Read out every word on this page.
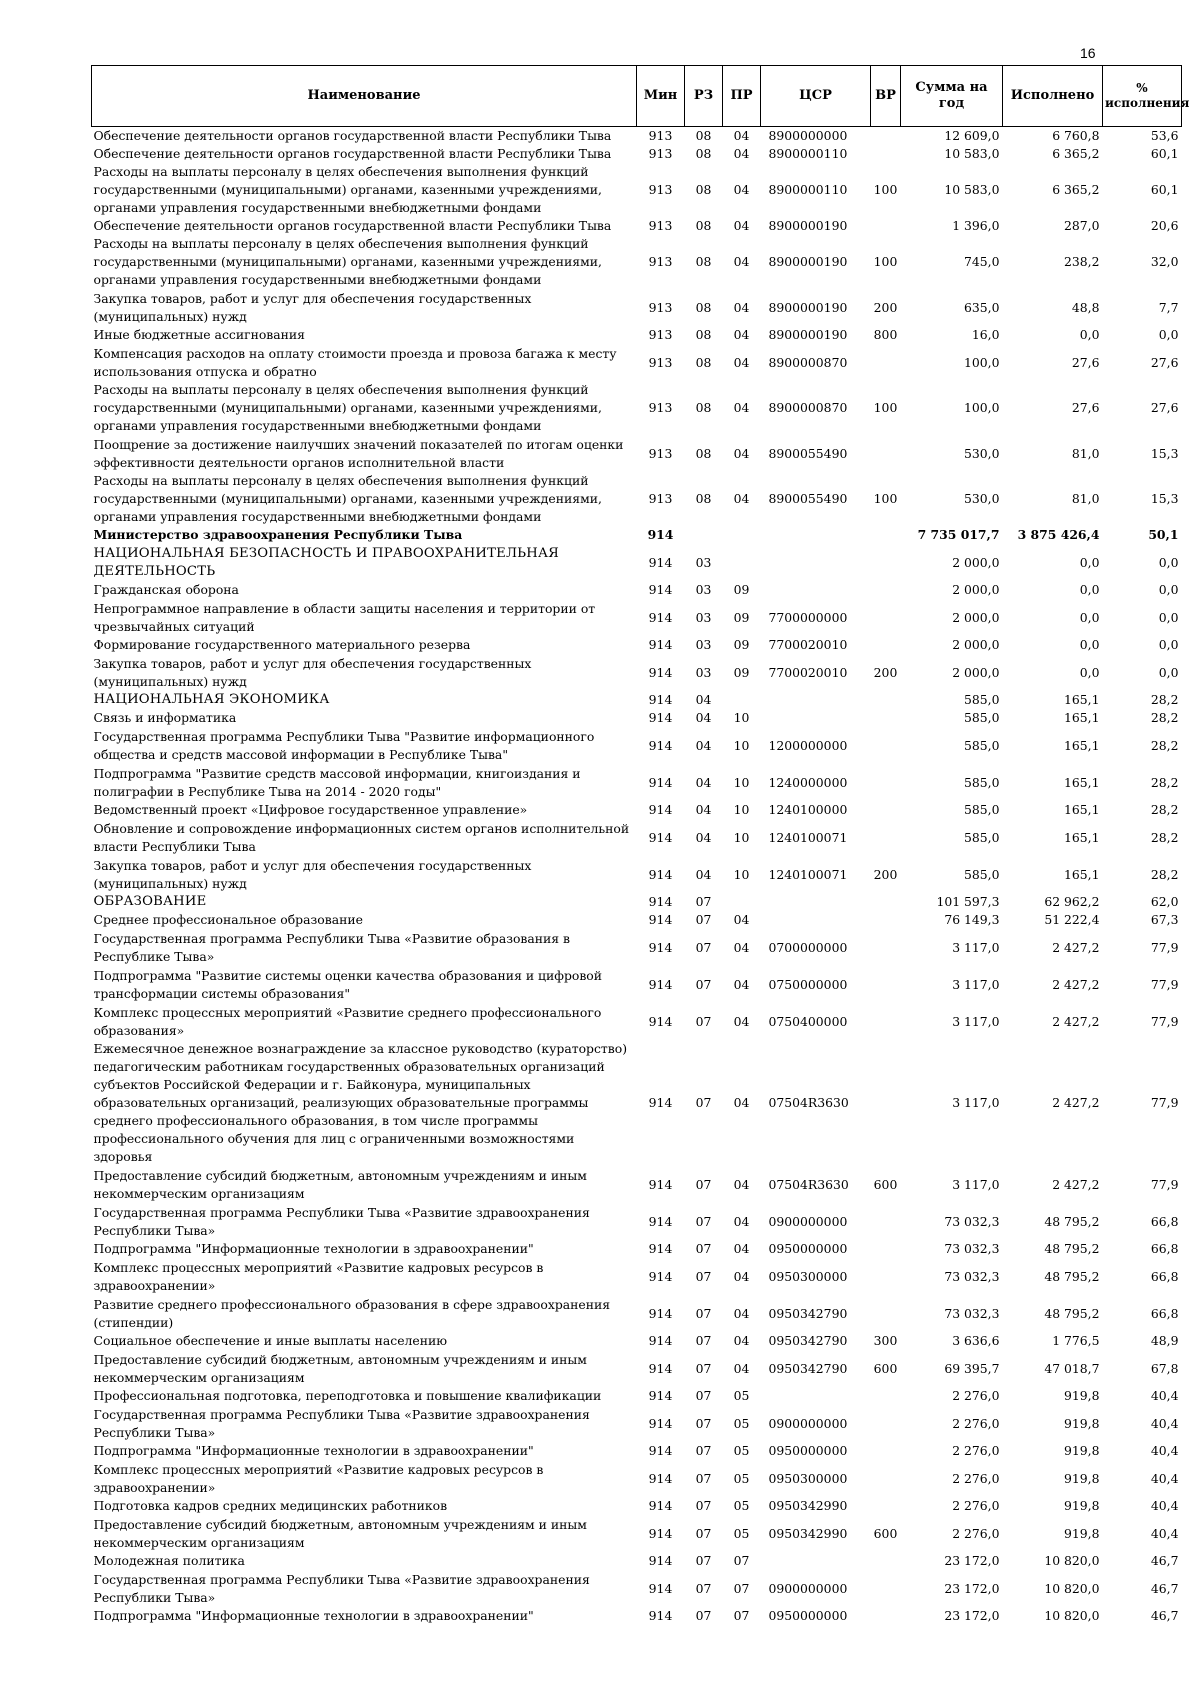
16
Наименование	Мин	РЗ	ПР	ЦСР	ВР	Сумма на год	Исполнено	% исполнения
Обеспечение деятельности органов государственной власти Республики Тыва	913	08	04	8900000000		12 609,0	6 760,8	53,6
Обеспечение деятельности органов государственной власти Республики Тыва	913	08	04	8900000110		10 583,0	6 365,2	60,1
Расходы на выплаты персоналу в целях обеспечения выполнения функций государственными (муниципальными) органами, казенными учреждениями, органами управления государственными внебюджетными фондами	913	08	04	8900000110	100	10 583,0	6 365,2	60,1
Обеспечение деятельности органов государственной власти Республики Тыва	913	08	04	8900000190		1 396,0	287,0	20,6
Расходы на выплаты персоналу в целях обеспечения выполнения функций государственными (муниципальными) органами, казенными учреждениями, органами управления государственными внебюджетными фондами	913	08	04	8900000190	100	745,0	238,2	32,0
Закупка товаров, работ и услуг для обеспечения государственных (муниципальных) нужд	913	08	04	8900000190	200	635,0	48,8	7,7
Иные бюджетные ассигнования	913	08	04	8900000190	800	16,0	0,0	0,0
Компенсация расходов на оплату стоимости проезда и провоза багажа к месту использования отпуска и обратно	913	08	04	8900000870		100,0	27,6	27,6
Расходы на выплаты персоналу в целях обеспечения выполнения функций государственными (муниципальными) органами, казенными учреждениями, органами управления государственными внебюджетными фондами	913	08	04	8900000870	100	100,0	27,6	27,6
Поощрение за достижение наилучших значений показателей по итогам оценки эффективности деятельности органов исполнительной власти	913	08	04	8900055490		530,0	81,0	15,3
Расходы на выплаты персоналу в целях обеспечения выполнения функций государственными (муниципальными) органами, казенными учреждениями, органами управления государственными внебюджетными фондами	913	08	04	8900055490	100	530,0	81,0	15,3
Министерство здравоохранения Республики Тыва	914					7 735 017,7	3 875 426,4	50,1
НАЦИОНАЛЬНАЯ БЕЗОПАСНОСТЬ И ПРАВООХРАНИТЕЛЬНАЯ ДЕЯТЕЛЬНОСТЬ	914	03				2 000,0	0,0	0,0
Гражданская оборона	914	03	09			2 000,0	0,0	0,0
Непрограммное направление в области защиты населения и территории от чрезвычайных ситуаций	914	03	09	7700000000		2 000,0	0,0	0,0
Формирование государственного материального резерва	914	03	09	7700020010		2 000,0	0,0	0,0
Закупка товаров, работ и услуг для обеспечения государственных (муниципальных) нужд	914	03	09	7700020010	200	2 000,0	0,0	0,0
НАЦИОНАЛЬНАЯ ЭКОНОМИКА	914	04				585,0	165,1	28,2
Связь и информатика	914	04	10			585,0	165,1	28,2
Государственная программа Республики Тыва "Развитие информационного общества и средств массовой информации в Республике Тыва"	914	04	10	1200000000		585,0	165,1	28,2
Подпрограмма "Развитие средств массовой информации, книгоиздания и полиграфии в Республике Тыва на 2014 - 2020 годы"	914	04	10	1240000000		585,0	165,1	28,2
Ведомственный проект «Цифровое государственное управление»	914	04	10	1240100000		585,0	165,1	28,2
Обновление и сопровождение информационных систем органов исполнительной власти Республики Тыва	914	04	10	1240100071		585,0	165,1	28,2
Закупка товаров, работ и услуг для обеспечения государственных (муниципальных) нужд	914	04	10	1240100071	200	585,0	165,1	28,2
ОБРАЗОВАНИЕ	914	07				101 597,3	62 962,2	62,0
Среднее профессиональное образование	914	07	04			76 149,3	51 222,4	67,3
Государственная программа Республики Тыва «Развитие образования в Республике Тыва»	914	07	04	0700000000		3 117,0	2 427,2	77,9
Подпрограмма "Развитие системы оценки качества образования и цифровой трансформации системы образования"	914	07	04	0750000000		3 117,0	2 427,2	77,9
Комплекс процессных мероприятий «Развитие среднего профессионального образования»	914	07	04	0750400000		3 117,0	2 427,2	77,9
Ежемесячное денежное вознаграждение за классное руководство (кураторство) педагогическим работникам государственных образовательных организаций субъектов Российской Федерации и г. Байконура, муниципальных образовательных организаций, реализующих образовательные программы среднего профессионального образования, в том числе программы профессионального обучения для лиц с ограниченными возможностями здоровья	914	07	04	07504R3630		3 117,0	2 427,2	77,9
Предоставление субсидий бюджетным, автономным учреждениям и иным некоммерческим организациям	914	07	04	07504R3630	600	3 117,0	2 427,2	77,9
Государственная программа Республики Тыва «Развитие здравоохранения Республики Тыва»	914	07	04	0900000000		73 032,3	48 795,2	66,8
Подпрограмма "Информационные технологии в здравоохранении"	914	07	04	0950000000		73 032,3	48 795,2	66,8
Комплекс процессных мероприятий «Развитие кадровых ресурсов в здравоохранении»	914	07	04	0950300000		73 032,3	48 795,2	66,8
Развитие среднего профессионального образования в сфере здравоохранения (стипендии)	914	07	04	0950342790		73 032,3	48 795,2	66,8
Социальное обеспечение и иные выплаты населению	914	07	04	0950342790	300	3 636,6	1 776,5	48,9
Предоставление субсидий бюджетным, автономным учреждениям и иным некоммерческим организациям	914	07	04	0950342790	600	69 395,7	47 018,7	67,8
Профессиональная подготовка, переподготовка и повышение квалификации	914	07	05			2 276,0	919,8	40,4
Государственная программа Республики Тыва «Развитие здравоохранения Республики Тыва»	914	07	05	0900000000		2 276,0	919,8	40,4
Подпрограмма "Информационные технологии в здравоохранении"	914	07	05	0950000000		2 276,0	919,8	40,4
Комплекс процессных мероприятий «Развитие кадровых ресурсов в здравоохранении»	914	07	05	0950300000		2 276,0	919,8	40,4
Подготовка кадров средних медицинских работников	914	07	05	0950342990		2 276,0	919,8	40,4
Предоставление субсидий бюджетным, автономным учреждениям и иным некоммерческим организациям	914	07	05	0950342990	600	2 276,0	919,8	40,4
Молодежная политика	914	07	07			23 172,0	10 820,0	46,7
Государственная программа Республики Тыва «Развитие здравоохранения Республики Тыва»	914	07	07	0900000000		23 172,0	10 820,0	46,7
Подпрограмма "Информационные технологии в здравоохранении"	914	07	07	0950000000		23 172,0	10 820,0	46,7
